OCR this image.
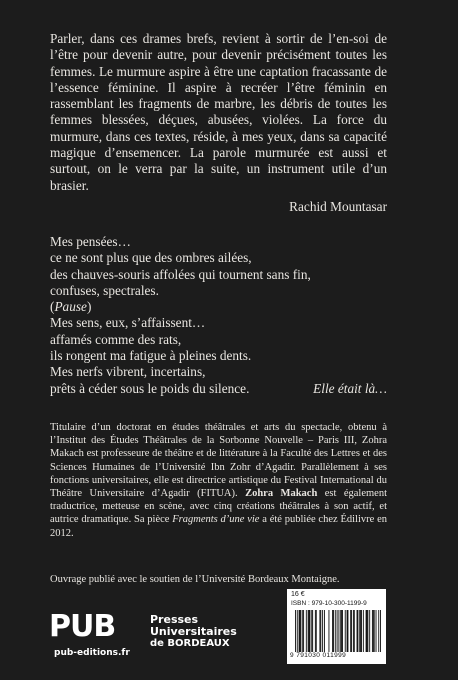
Parler, dans ces drames brefs, revient à sortir de l’en-soi de l’être pour devenir autre, pour devenir précisément toutes les femmes. Le murmure aspire à être une captation fracassante de l’essence féminine. Il aspire à recréer l’être féminin en rassemblant les fragments de marbre, les débris de toutes les femmes blessées, déçues, abusées, violées. La force du murmure, dans ces textes, réside, à mes yeux, dans sa capacité magique d’ensemencer. La parole murmurée est aussi et surtout, on le verra par la suite, un instrument utile d’un brasier.

Rachid Mountasar
Mes pensées…
ce ne sont plus que des ombres ailées,
des chauves-souris affolées qui tournent sans fin,
confuses, spectrales.
(Pause)
Mes sens, eux, s’affaissent…
affamés comme des rats,
ils rongent ma fatigue à pleines dents.
Mes nerfs vibrent, incertains,
prêts à céder sous le poids du silence.	Elle était là…

Titulaire d’un doctorat en études théâtrales et arts du spectacle, obtenu à l’Institut des Études Théâtrales de la Sorbonne Nouvelle – Paris III, Zohra Makach est professeure de théâtre et de littérature à la Faculté des Lettres et des Sciences Humaines de l’Université Ibn Zohr d’Agadir. Parallèlement à ses fonctions universitaires, elle est directrice artistique du Festival International du Théâtre Universitaire d’Agadir (FITUA). Zohra Makach est également traductrice, metteuse en scène, avec cinq créations théâtrales à son actif, et autrice dramatique. Sa pièce Fragments d’une vie a été publiée chez Édilivre en 2012.

Ouvrage publié avec le soutien de l’Université Bordeaux Montaigne.
PUB
pub-editions.fr
Presses
Universitaires
de BORDEAUX
16 €
ISBN : 979-10-300-1199-9
9 791030 011999
